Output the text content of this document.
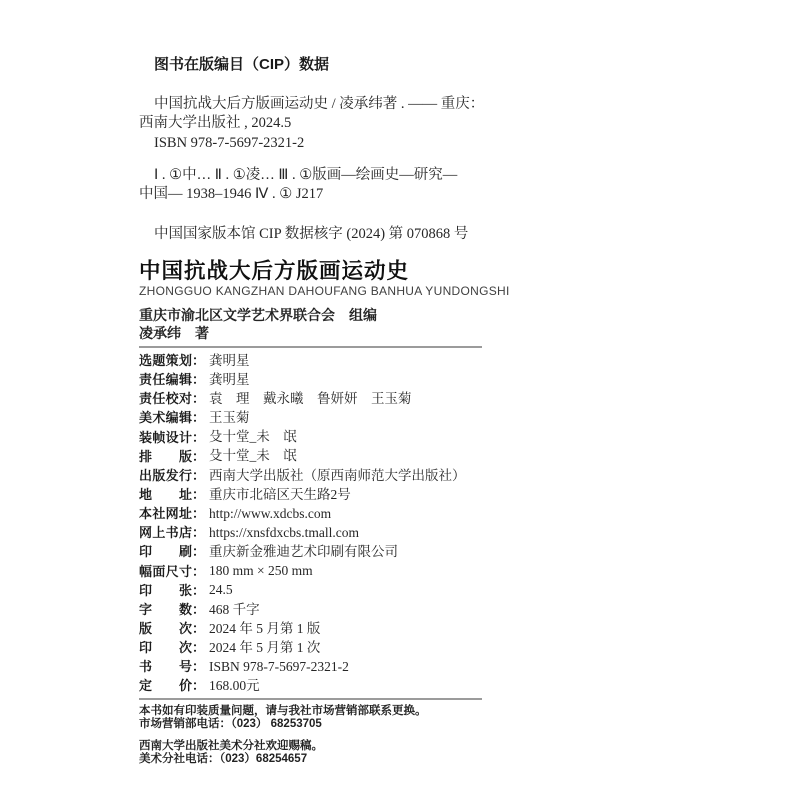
图书在版编目（CIP）数据
中国抗战大后方版画运动史 / 凌承纬著 . —— 重庆：
西南大学出版社 , 2024.5
ISBN 978-7-5697-2321-2
Ⅰ . ①中… Ⅱ . ①凌… Ⅲ . ①版画—绘画史—研究—
中国— 1938–1946 Ⅳ . ① J217
中国国家版本馆 CIP 数据核字 (2024) 第 070868 号
中国抗战大后方版画运动史
ZHONGGUO KANGZHAN DAHOUFANG BANHUA YUNDONGSHI
重庆市渝北区文学艺术界联合会　组编
凌承纬　著
选题策划： 龚明星
责任编辑： 龚明星
责任校对： 袁　理　戴永曦　鲁妍妍　王玉菊
美术编辑： 王玉菊
装帧设计： 殳十堂_未　氓
排版： 殳十堂_未　氓
出版发行： 西南大学出版社（原西南师范大学出版社）
地址： 重庆市北碚区天生路2号
本社网址： http://www.xdcbs.com
网上书店： https://xnsfdxcbs.tmall.com
印刷： 重庆新金雅迪艺术印刷有限公司
幅面尺寸： 180 mm × 250 mm
印张： 24.5
字数： 468 千字
版次： 2024 年 5 月第 1 版
印次： 2024 年 5 月第 1 次
书号： ISBN 978-7-5697-2321-2
定价： 168.00元
本书如有印装质量问题，请与我社市场营销部联系更换。
市场营销部电话：（023） 68253705
西南大学出版社美术分社欢迎赐稿。
美术分社电话：（023）68254657
